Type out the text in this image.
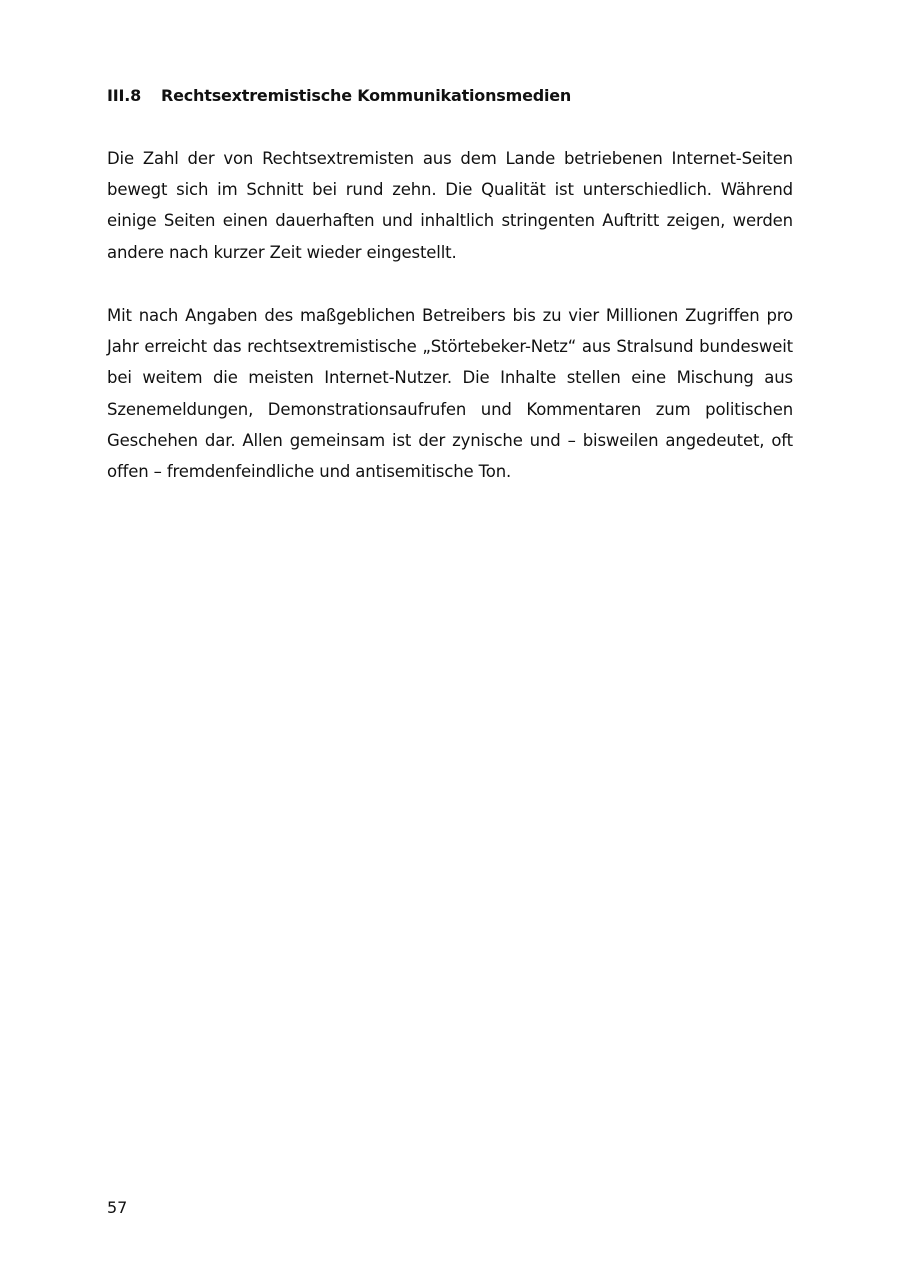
III.8 Rechtsextremistische Kommunikationsmedien

Die Zahl der von Rechtsextremisten aus dem Lande betriebenen Internet-Seiten bewegt sich im Schnitt bei rund zehn. Die Qualität ist unterschiedlich. Während einige Seiten einen dauerhaften und inhaltlich stringenten Auftritt zeigen, werden andere nach kurzer Zeit wieder eingestellt.

Mit nach Angaben des maßgeblichen Betreibers bis zu vier Millionen Zugriffen pro Jahr erreicht das rechtsextremistische „Störtebeker-Netz“ aus Stralsund bundesweit bei weitem die meisten Internet-Nutzer. Die Inhalte stellen eine Mischung aus Szenemeldungen, Demonstrationsaufrufen und Kommentaren zum politischen Geschehen dar. Allen gemeinsam ist der zynische und – bisweilen angedeutet, oft offen – fremdenfeindliche und antisemitische Ton.

57
